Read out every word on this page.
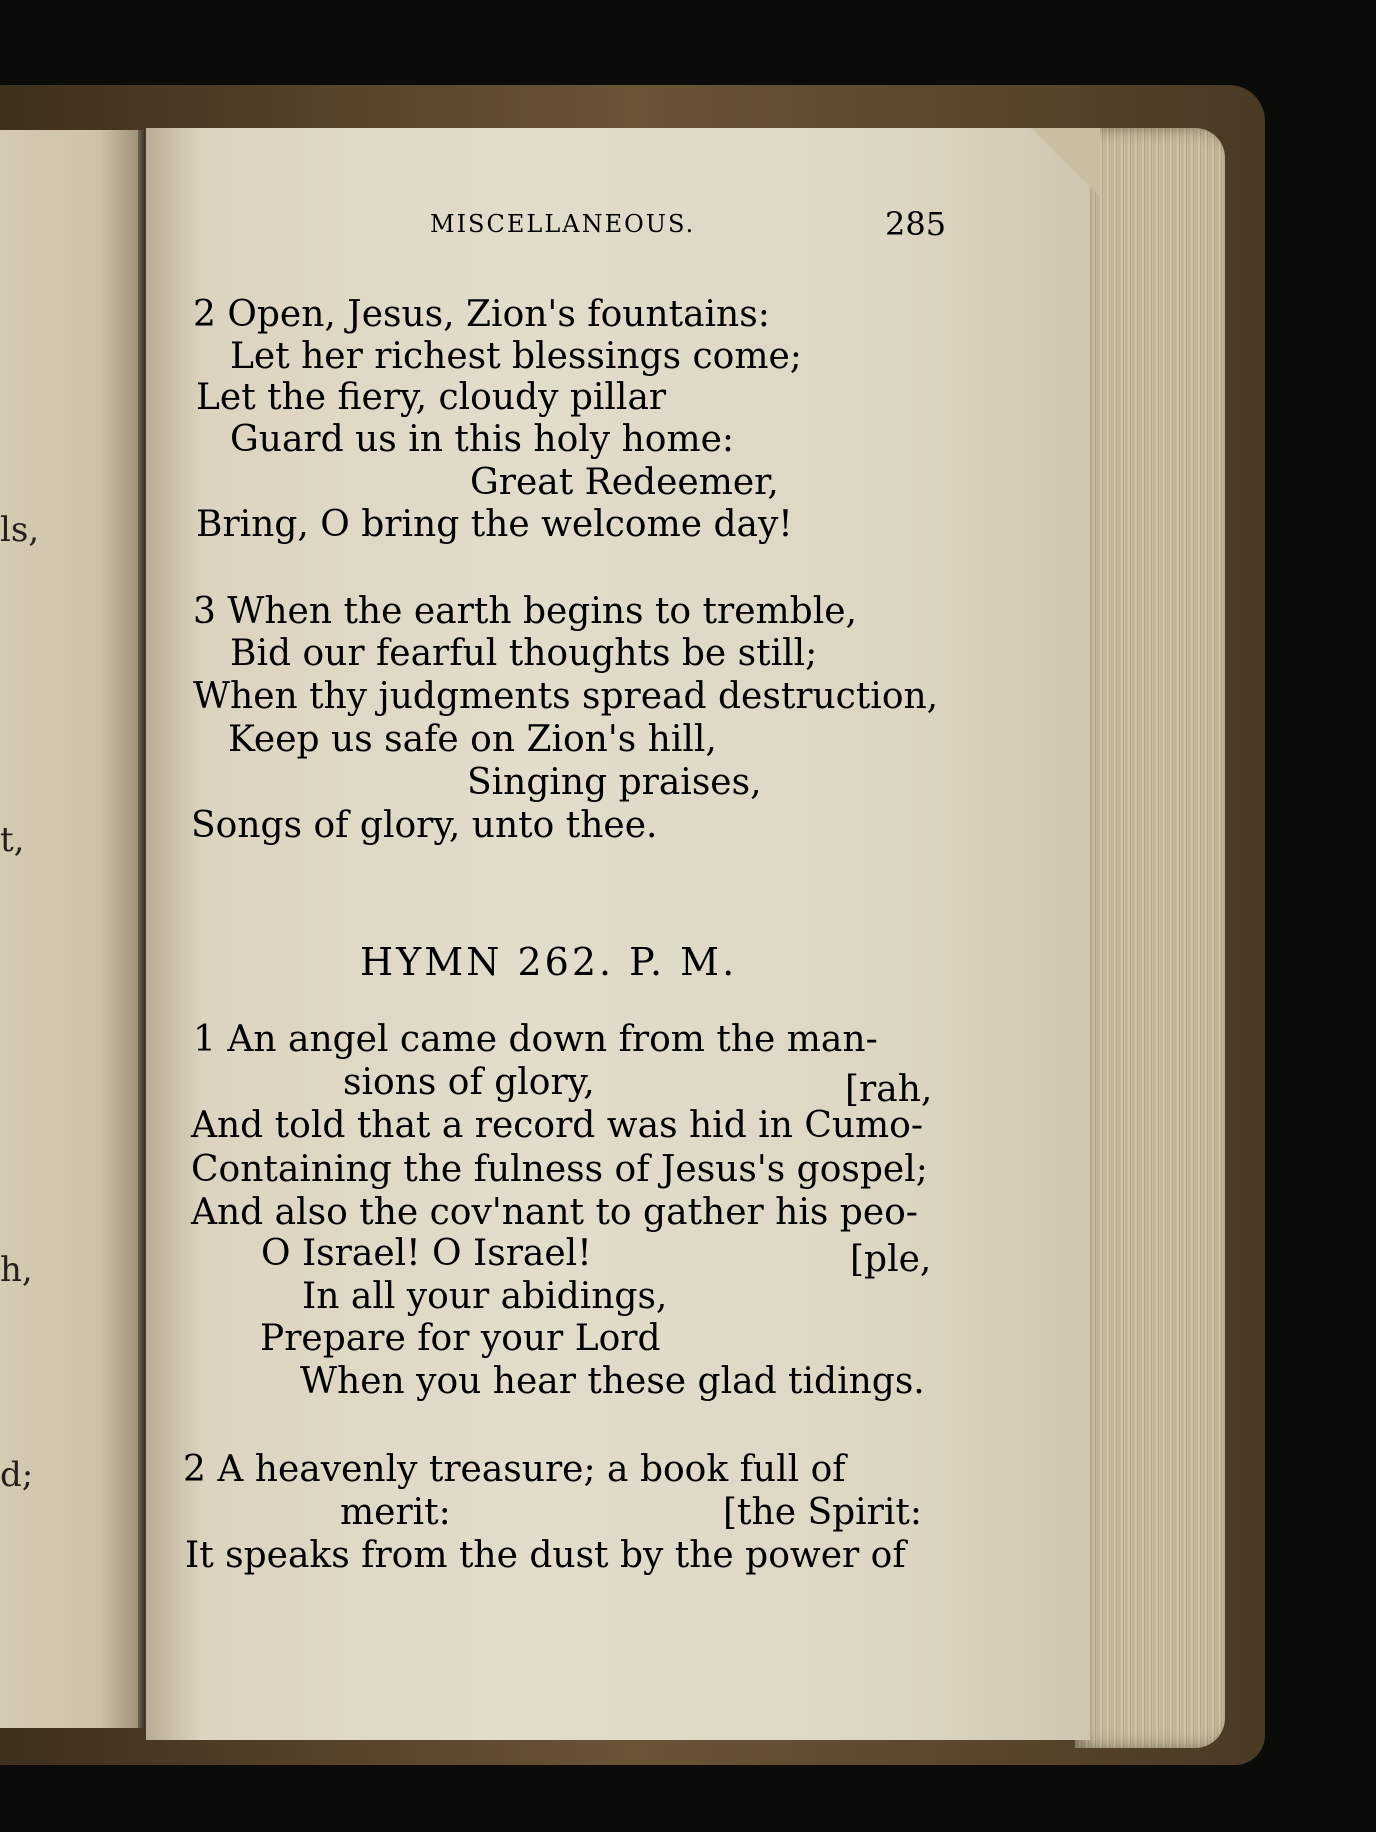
ls,
t,
h,
d;
MISCELLANEOUS.	285
2 Open, Jesus, Zion's fountains:
Let her richest blessings come;
Let the fiery, cloudy pillar
Guard us in this holy home:
Great Redeemer,
Bring, O bring the welcome day!
3 When the earth begins to tremble,
Bid our fearful thoughts be still;
When thy judgments spread destruction,
Keep us safe on Zion's hill,
Singing praises,
Songs of glory, unto thee.
HYMN 262. P. M.
1 An angel came down from the man-
sions of glory,	[rah,
And told that a record was hid in Cumo-
Containing the fulness of Jesus's gospel;
And also the cov'nant to gather his peo-
O Israel! O Israel!	[ple,
In all your abidings,
Prepare for your Lord
When you hear these glad tidings.
2 A heavenly treasure; a book full of
merit:	[the Spirit:
It speaks from the dust by the power of
